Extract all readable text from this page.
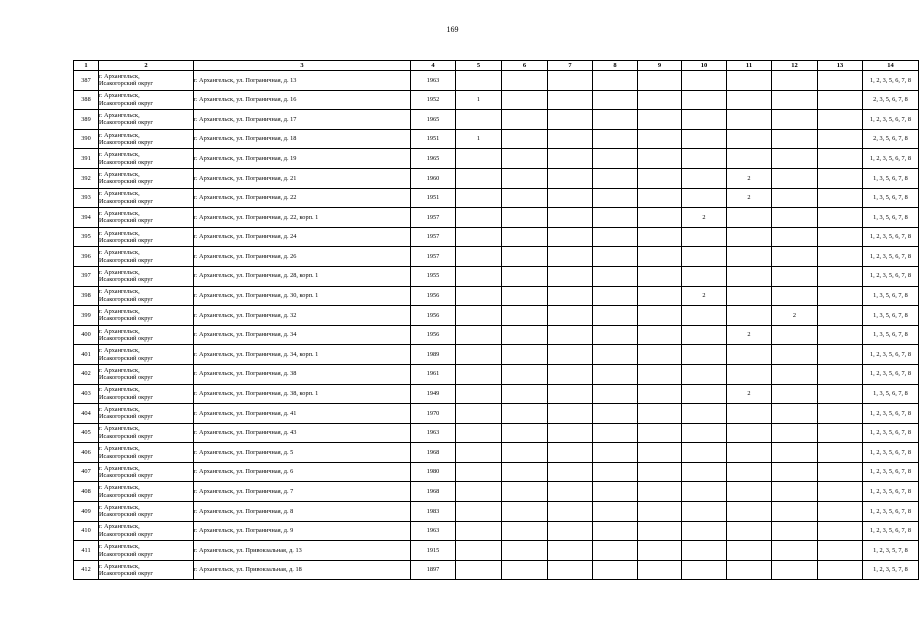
169
1	2	3	4	5	6	7	8	9	10	11	12	13	14
387	г. Архангельск,
Исакогорский округ	г. Архангельск, ул. Пограничная, д. 13	1963										1, 2, 3, 5, 6, 7, 8
388	г. Архангельск,
Исакогорский округ	г. Архангельск, ул. Пограничная, д. 16	1952	1									2, 3, 5, 6, 7, 8
389	г. Архангельск,
Исакогорский округ	г. Архангельск, ул. Пограничная, д. 17	1965										1, 2, 3, 5, 6, 7, 8
390	г. Архангельск,
Исакогорский округ	г. Архангельск, ул. Пограничная, д. 18	1951	1									2, 3, 5, 6, 7, 8
391	г. Архангельск,
Исакогорский округ	г. Архангельск, ул. Пограничная, д. 19	1965										1, 2, 3, 5, 6, 7, 8
392	г. Архангельск,
Исакогорский округ	г. Архангельск, ул. Пограничная, д. 21	1960							2			1, 3, 5, 6, 7, 8
393	г. Архангельск,
Исакогорский округ	г. Архангельск, ул. Пограничная, д. 22	1951							2			1, 3, 5, 6, 7, 8
394	г. Архангельск,
Исакогорский округ	г. Архангельск, ул. Пограничная, д. 22, корп. 1	1957						2				1, 3, 5, 6, 7, 8
395	г. Архангельск,
Исакогорский округ	г. Архангельск, ул. Пограничная, д. 24	1957										1, 2, 3, 5, 6, 7, 8
396	г. Архангельск,
Исакогорский округ	г. Архангельск, ул. Пограничная, д. 26	1957										1, 2, 3, 5, 6, 7, 8
397	г. Архангельск,
Исакогорский округ	г. Архангельск, ул. Пограничная, д. 28, корп. 1	1955										1, 2, 3, 5, 6, 7, 8
398	г. Архангельск,
Исакогорский округ	г. Архангельск, ул. Пограничная, д. 30, корп. 1	1956						2				1, 3, 5, 6, 7, 8
399	г. Архангельск,
Исакогорский округ	г. Архангельск, ул. Пограничная, д. 32	1956								2		1, 3, 5, 6, 7, 8
400	г. Архангельск,
Исакогорский округ	г. Архангельск, ул. Пограничная, д. 34	1956							2			1, 3, 5, 6, 7, 8
401	г. Архангельск,
Исакогорский округ	г. Архангельск, ул. Пограничная, д. 34, корп. 1	1989										1, 2, 3, 5, 6, 7, 8
402	г. Архангельск,
Исакогорский округ	г. Архангельск, ул. Пограничная, д. 38	1961										1, 2, 3, 5, 6, 7, 8
403	г. Архангельск,
Исакогорский округ	г. Архангельск, ул. Пограничная, д. 38, корп. 1	1949							2			1, 3, 5, 6, 7, 8
404	г. Архангельск,
Исакогорский округ	г. Архангельск, ул. Пограничная, д. 41	1970										1, 2, 3, 5, 6, 7, 8
405	г. Архангельск,
Исакогорский округ	г. Архангельск, ул. Пограничная, д. 43	1963										1, 2, 3, 5, 6, 7, 8
406	г. Архангельск,
Исакогорский округ	г. Архангельск, ул. Пограничная, д. 5	1968										1, 2, 3, 5, 6, 7, 8
407	г. Архангельск,
Исакогорский округ	г. Архангельск, ул. Пограничная, д. 6	1980										1, 2, 3, 5, 6, 7, 8
408	г. Архангельск,
Исакогорский округ	г. Архангельск, ул. Пограничная, д. 7	1968										1, 2, 3, 5, 6, 7, 8
409	г. Архангельск,
Исакогорский округ	г. Архангельск, ул. Пограничная, д. 8	1983										1, 2, 3, 5, 6, 7, 8
410	г. Архангельск,
Исакогорский округ	г. Архангельск, ул. Пограничная, д. 9	1963										1, 2, 3, 5, 6, 7, 8
411	г. Архангельск,
Исакогорский округ	г. Архангельск, ул. Привокзальная, д. 13	1915										1, 2, 3, 5, 7, 8
412	г. Архангельск,
Исакогорский округ	г. Архангельск, ул. Привокзальная, д. 18	1897										1, 2, 3, 5, 7, 8
